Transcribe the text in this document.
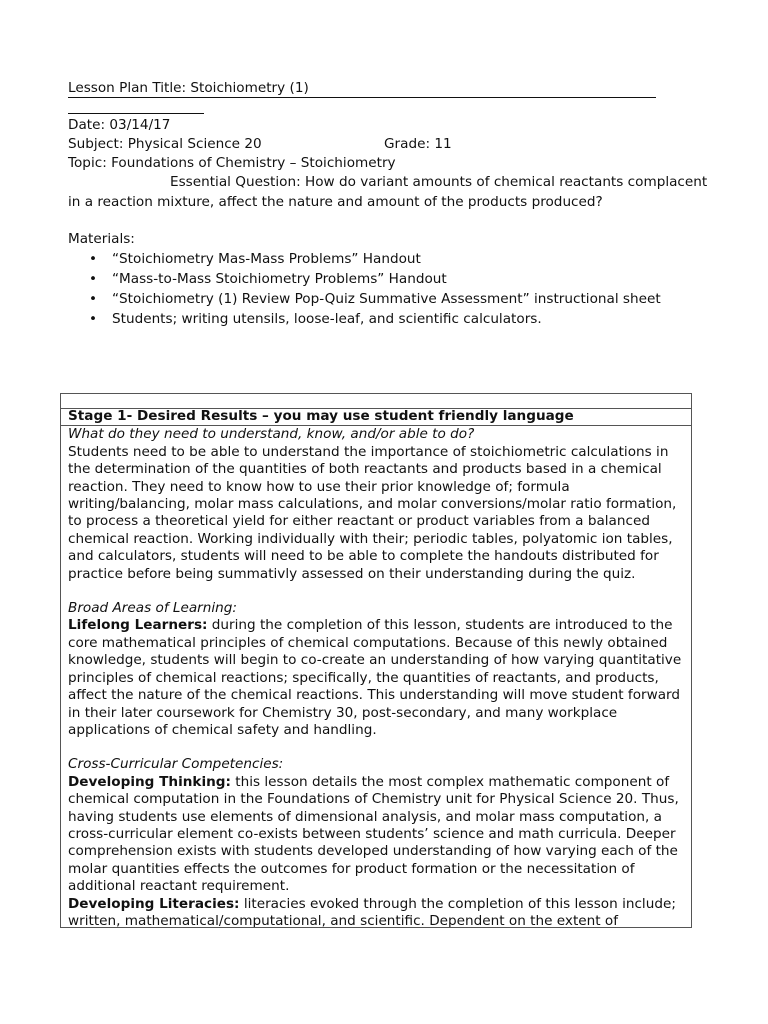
Lesson Plan Title: Stoichiometry (1)
Date: 03/14/17
Subject: Physical Science 20	Grade: 11
Topic: Foundations of Chemistry – Stoichiometry

Essential Question: How do variant amounts of chemical reactants complacent in a reaction mixture, affect the nature and amount of the products produced?

Materials:
• “Stoichiometry Mas-Mass Problems” Handout
• “Mass-to-Mass Stoichiometry Problems” Handout
• “Stoichiometry (1) Review Pop-Quiz Summative Assessment” instructional sheet
• Students; writing utensils, loose-leaf, and scientific calculators.
Stage 1- Desired Results – you may use student friendly language
What do they need to understand, know, and/or able to do?

Students need to be able to understand the importance of stoichiometric calculations in the determination of the quantities of both reactants and products based in a chemical reaction. They need to know how to use their prior knowledge of; formula writing/balancing, molar mass calculations, and molar conversions/molar ratio formation, to process a theoretical yield for either reactant or product variables from a balanced chemical reaction. Working individually with their; periodic tables, polyatomic ion tables, and calculators, students will need to be able to complete the handouts distributed for practice before being summativly assessed on their understanding during the quiz.

Broad Areas of Learning:

Lifelong Learners: during the completion of this lesson, students are introduced to the core mathematical principles of chemical computations. Because of this newly obtained knowledge, students will begin to co-create an understanding of how varying quantitative principles of chemical reactions; specifically, the quantities of reactants, and products, affect the nature of the chemical reactions. This understanding will move student forward in their later coursework for Chemistry 30, post-secondary, and many workplace applications of chemical safety and handling.

Cross-Curricular Competencies:

Developing Thinking: this lesson details the most complex mathematic component of chemical computation in the Foundations of Chemistry unit for Physical Science 20. Thus, having students use elements of dimensional analysis, and molar mass computation, a cross-curricular element co-exists between students’ science and math curricula. Deeper comprehension exists with students developed understanding of how varying each of the molar quantities effects the outcomes for product formation or the necessitation of additional reactant requirement.

Developing Literacies: literacies evoked through the completion of this lesson include; written, mathematical/computational, and scientific. Dependent on the extent of
